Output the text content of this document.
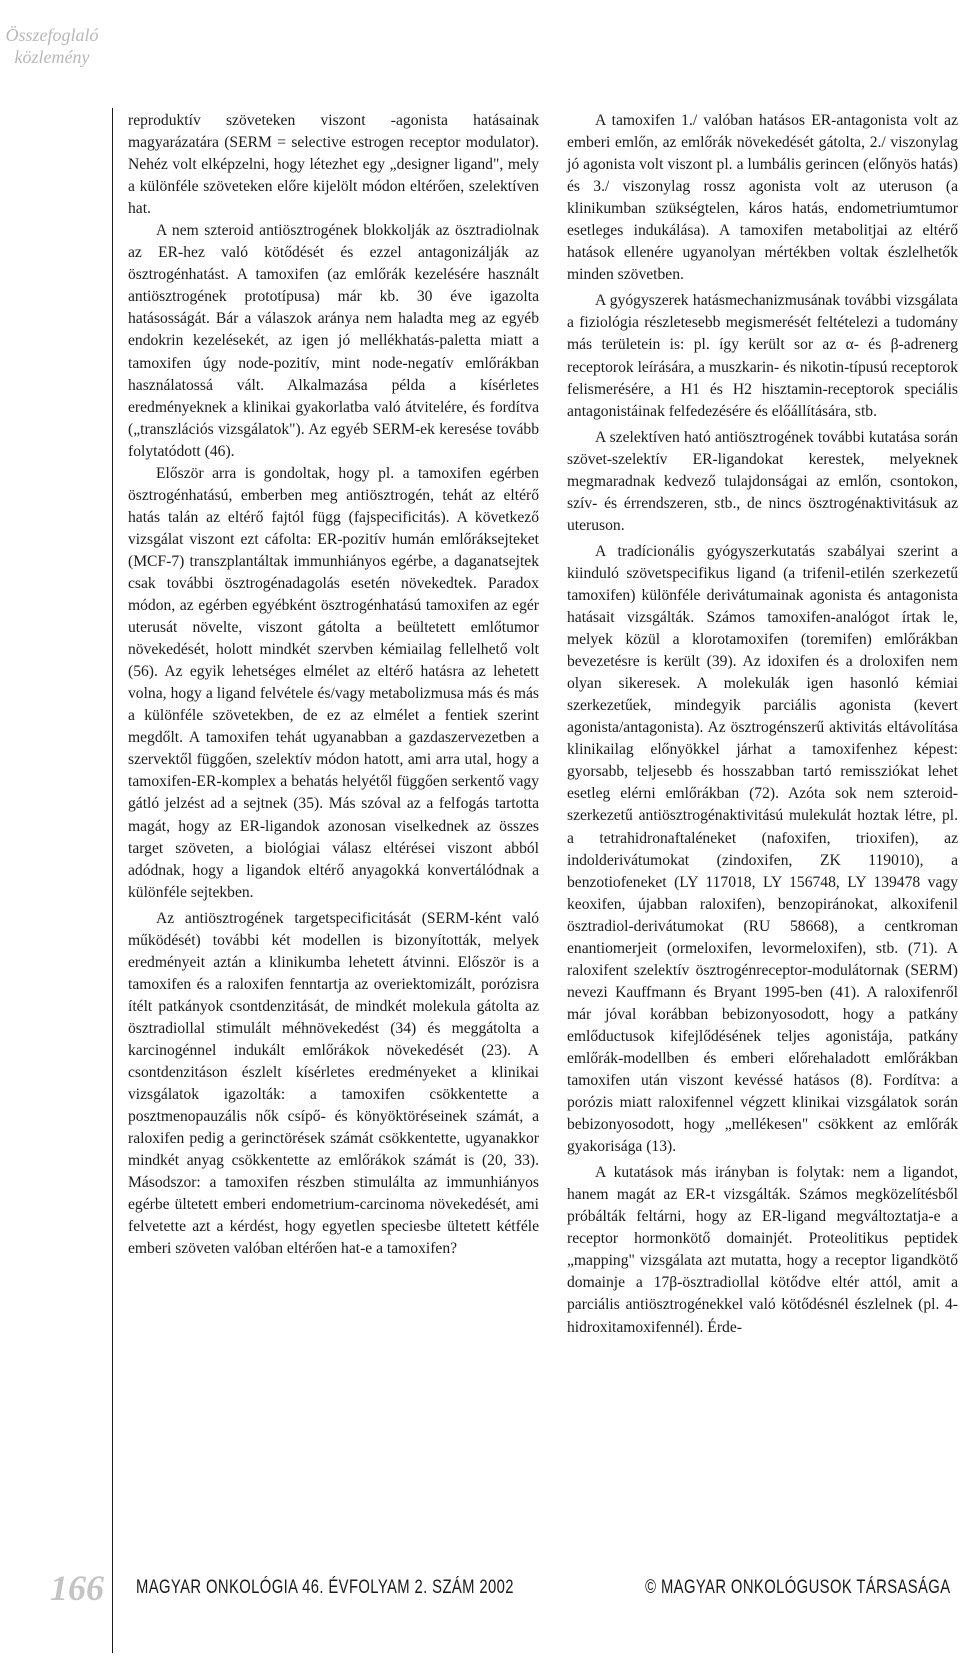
Összefoglaló
közlemény

reproduktív szöveteken viszont -agonista hatásainak magyarázatára (SERM = selective estrogen receptor modulator). Nehéz volt elképzelni, hogy létezhet egy „designer ligand", mely a különféle szöveteken előre kijelölt módon eltérően, szelektíven hat.

A nem szteroid antiösztrogének blokkolják az ösztradiolnak az ER-hez való kötődését és ezzel antagonizálják az ösztrogénhatást. A tamoxifen (az emlőrák kezelésére használt antiösztrogének prototípusa) már kb. 30 éve igazolta hatásosságát. Bár a válaszok aránya nem haladta meg az egyéb endokrin kezelésekét, az igen jó mellékhatás-paletta miatt a tamoxifen úgy node-pozitív, mint node-negatív emlőrákban használatossá vált. Alkalmazása példa a kísérletes eredményeknek a klinikai gyakorlatba való átvitelére, és fordítva („transzlációs vizsgálatok"). Az egyéb SERM-ek keresése tovább folytatódott (46).

Először arra is gondoltak, hogy pl. a tamoxifen egérben ösztrogénhatású, emberben meg antiösztrogén, tehát az eltérő hatás talán az eltérő fajtól függ (fajspecificitás). A következő vizsgálat viszont ezt cáfolta: ER-pozitív humán emlőráksejteket (MCF-7) transzplantáltak immunhiányos egérbe, a daganatsejtek csak további ösztrogénadagolás esetén növekedtek. Paradox módon, az egérben egyébként ösztrogénhatású tamoxifen az egér uterusát növelte, viszont gátolta a beültetett emlőtumor növekedését, holott mindkét szervben kémiailag fellelhető volt (56). Az egyik lehetséges elmélet az eltérő hatásra az lehetett volna, hogy a ligand felvétele és/vagy metabolizmusa más és más a különféle szövetekben, de ez az elmélet a fentiek szerint megdőlt. A tamoxifen tehát ugyanabban a gazdaszervezetben a szervektől függően, szelektív módon hatott, ami arra utal, hogy a tamoxifen-ER-komplex a behatás helyétől függően serkentő vagy gátló jelzést ad a sejtnek (35). Más szóval az a felfogás tartotta magát, hogy az ER-ligandok azonosan viselkednek az összes target szöveten, a biológiai válasz eltérései viszont abból adódnak, hogy a ligandok eltérő anyagokká konvertálódnak a különféle sejtekben.

Az antiösztrogének targetspecificitását (SERM-ként való működését) további két modellen is bizonyították, melyek eredményeit aztán a klinikumba lehetett átvinni. Először is a tamoxifen és a raloxifen fenntartja az overiektomizált, porózisra ítélt patkányok csontdenzitását, de mindkét molekula gátolta az ösztradiollal stimulált méhnövekedést (34) és meggátolta a karcinogénnel indukált emlőrákok növekedését (23). A csontdenzitáson észlelt kísérletes eredményeket a klinikai vizsgálatok igazolták: a tamoxifen csökkentette a posztmenopauzális nők csípő- és könyöktöréseinek számát, a raloxifen pedig a gerinctörések számát csökkentette, ugyanakkor mindkét anyag csökkentette az emlőrákok számát is (20, 33). Másodszor: a tamoxifen részben stimulálta az immunhiányos egérbe ültetett emberi endometrium-carcinoma növekedését, ami felvetette azt a kérdést, hogy egyetlen speciesbe ültetett kétféle emberi szöveten valóban eltérően hat-e a tamoxifen?

A tamoxifen 1./ valóban hatásos ER-antagonista volt az emberi emlőn, az emlőrák növekedését gátolta, 2./ viszonylag jó agonista volt viszont pl. a lumbális gerincen (előnyös hatás) és 3./ viszonylag rossz agonista volt az uteruson (a klinikumban szükségtelen, káros hatás, endometriumtumor esetleges indukálása). A tamoxifen metabolitjai az eltérő hatások ellenére ugyanolyan mértékben voltak észlelhetők minden szövetben.

A gyógyszerek hatásmechanizmusának további vizsgálata a fiziológia részletesebb megismerését feltételezi a tudomány más területein is: pl. így került sor az α- és β-adrenerg receptorok leírására, a muszkarin- és nikotin-típusú receptorok felismerésére, a H1 és H2 hisztamin-receptorok speciális antagonistáinak felfedezésére és előállítására, stb.

A szelektíven ható antiösztrogének további kutatása során szövet-szelektív ER-ligandokat kerestek, melyeknek megmaradnak kedvező tulajdonságai az emlőn, csontokon, szív- és érrendszeren, stb., de nincs ösztrogénaktivitásuk az uteruson.

A tradícionális gyógyszerkutatás szabályai szerint a kiinduló szövetspecifikus ligand (a trifenil-etilén szerkezetű tamoxifen) különféle derivátumainak agonista és antagonista hatásait vizsgálták. Számos tamoxifen-analógot írtak le, melyek közül a klorotamoxifen (toremifen) emlőrákban bevezetésre is került (39). Az idoxifen és a droloxifen nem olyan sikeresek. A molekulák igen hasonló kémiai szerkezetűek, mindegyik parciális agonista (kevert agonista/antagonista). Az ösztrogénszerű aktivitás eltávolítása klinikailag előnyökkel járhat a tamoxifenhez képest: gyorsabb, teljesebb és hosszabban tartó remissziókat lehet esetleg elérni emlőrákban (72). Azóta sok nem szteroid-szerkezetű antiösztrogénaktivitású mulekulát hoztak létre, pl. a tetrahidronaftaléneket (nafoxifen, trioxifen), az indolderivátumokat (zindoxifen, ZK 119010), a benzotiofeneket (LY 117018, LY 156748, LY 139478 vagy keoxifen, újabban raloxifen), benzopiránokat, alkoxifenil ösztradiol-derivátumokat (RU 58668), a centkroman enantiomerjeit (ormeloxifen, levormeloxifen), stb. (71). A raloxifent szelektív ösztrogénreceptor-modulátornak (SERM) nevezi Kauffmann és Bryant 1995-ben (41). A raloxifenről már jóval korábban bebizonyosodott, hogy a patkány emlőductusok kifejlődésének teljes agonistája, patkány emlőrák-modellben és emberi előrehaladott emlőrákban tamoxifen után viszont kevéssé hatásos (8). Fordítva: a porózis miatt raloxifennel végzett klinikai vizsgálatok során bebizonyosodott, hogy „mellékesen" csökkent az emlőrák gyakorisága (13).

A kutatások más irányban is folytak: nem a ligandot, hanem magát az ER-t vizsgálták. Számos megközelítésből próbálták feltárni, hogy az ER-ligand megváltoztatja-e a receptor hormonkötő domainjét. Proteolitikus peptidek „mapping" vizsgálata azt mutatta, hogy a receptor ligandkötő domainje a 17β-ösztradiollal kötődve eltér attól, amit a parciális antiösztrogénekkel való kötődésnél észlelnek (pl. 4-hidroxitamoxifennél). Érde-

166 MAGYAR ONKOLÓGIA 46. ÉVFOLYAM 2. SZÁM 2002	© MAGYAR ONKOLÓGUSOK TÁRSASÁGA
